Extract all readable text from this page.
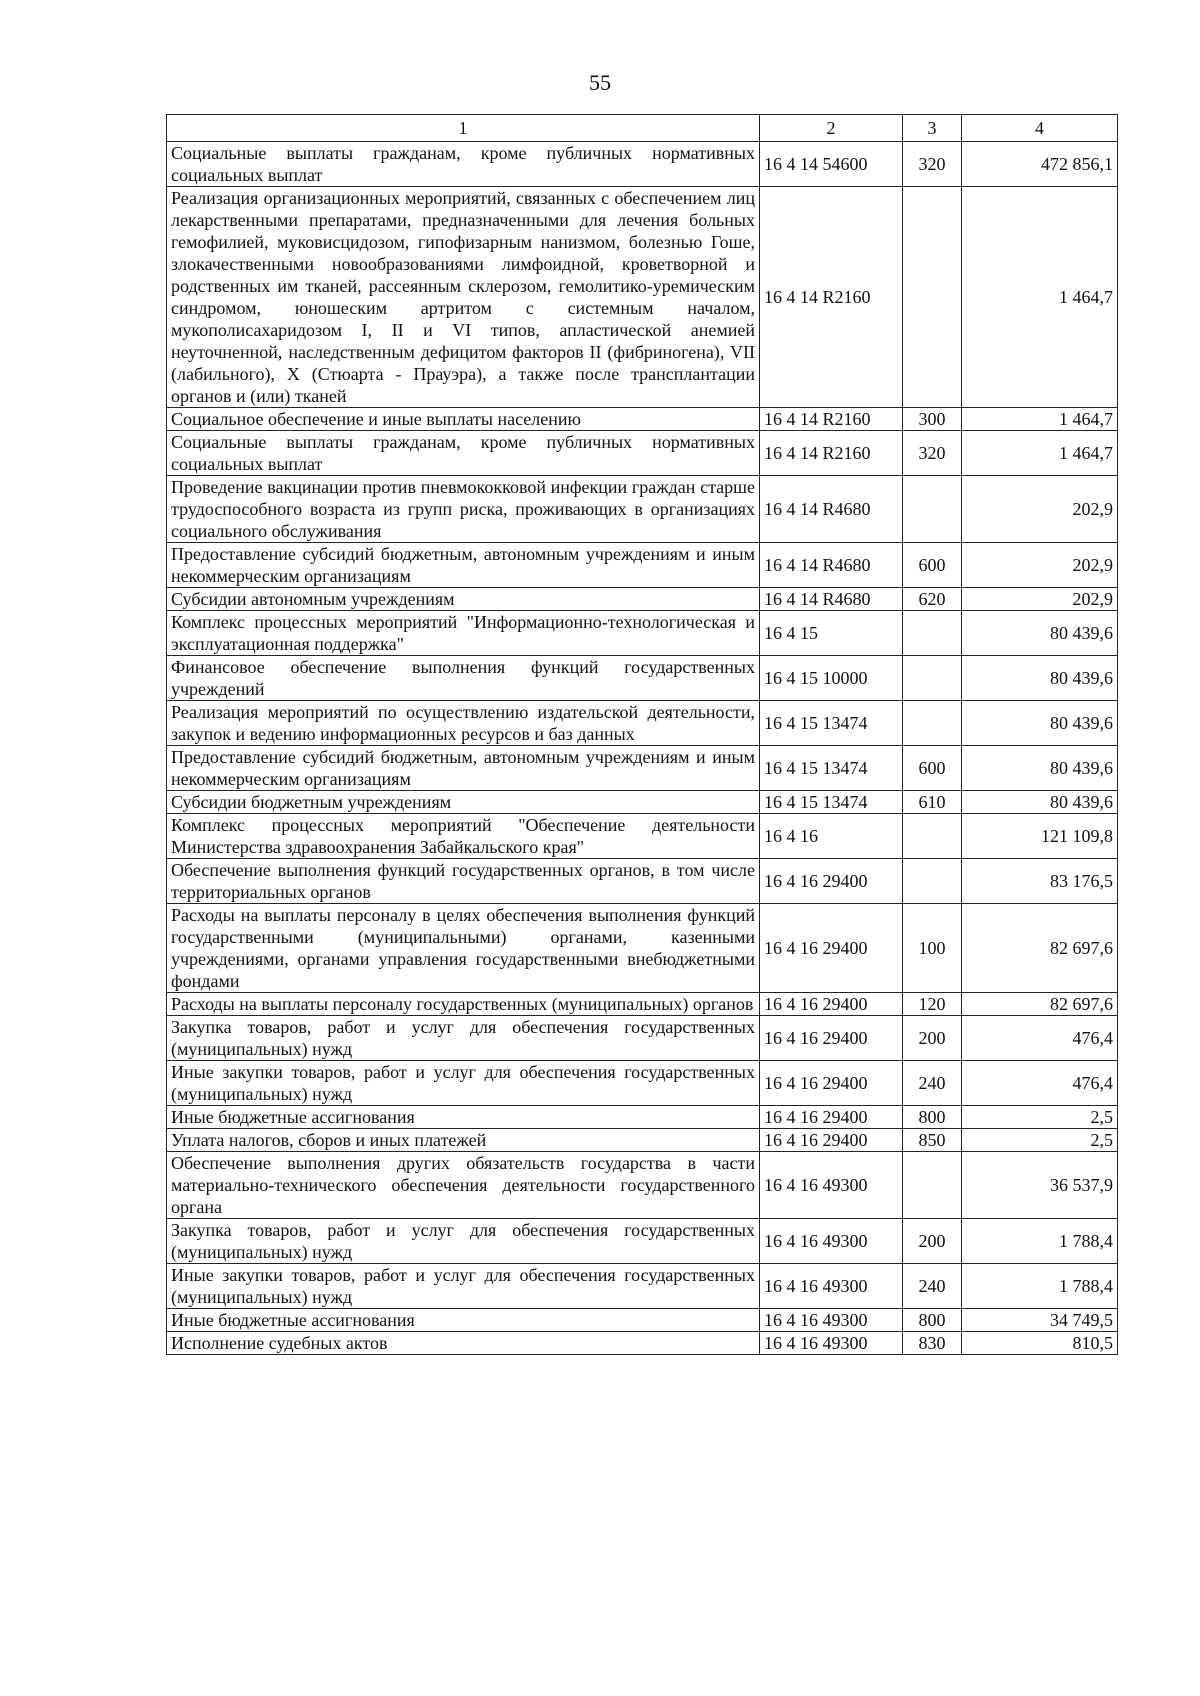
55
1	2	3	4
Социальные выплаты гражданам, кроме публичных нормативных социальных выплат	16 4 14 54600	320	472 856,1
Реализация организационных мероприятий, связанных с обеспечением лиц лекарственными препаратами, предназначенными для лечения больных гемофилией, муковисцидозом, гипофизарным нанизмом, болезнью Гоше, злокачественными новообразованиями лимфоидной, кроветворной и родственных им тканей, рассеянным склерозом, гемолитико-уремическим синдромом, юношеским артритом с системным началом, мукополисахаридозом I, II и VI типов, апластической анемией неуточненной, наследственным дефицитом факторов II (фибриногена), VII (лабильного), X (Стюарта - Прауэра), а также после трансплантации органов и (или) тканей	16 4 14 R2160		1 464,7
Социальное обеспечение и иные выплаты населению	16 4 14 R2160	300	1 464,7
Социальные выплаты гражданам, кроме публичных нормативных социальных выплат	16 4 14 R2160	320	1 464,7
Проведение вакцинации против пневмококковой инфекции граждан старше трудоспособного возраста из групп риска, проживающих в организациях социального обслуживания	16 4 14 R4680		202,9
Предоставление субсидий бюджетным, автономным учреждениям и иным некоммерческим организациям	16 4 14 R4680	600	202,9
Субсидии автономным учреждениям	16 4 14 R4680	620	202,9
Комплекс процессных мероприятий "Информационно-технологическая и эксплуатационная поддержка"	16 4 15		80 439,6
Финансовое обеспечение выполнения функций государственных учреждений	16 4 15 10000		80 439,6
Реализация мероприятий по осуществлению издательской деятельности, закупок и ведению информационных ресурсов и баз данных	16 4 15 13474		80 439,6
Предоставление субсидий бюджетным, автономным учреждениям и иным некоммерческим организациям	16 4 15 13474	600	80 439,6
Субсидии бюджетным учреждениям	16 4 15 13474	610	80 439,6
Комплекс процессных мероприятий "Обеспечение деятельности Министерства здравоохранения Забайкальского края"	16 4 16		121 109,8
Обеспечение выполнения функций государственных органов, в том числе территориальных органов	16 4 16 29400		83 176,5
Расходы на выплаты персоналу в целях обеспечения выполнения функций государственными (муниципальными) органами, казенными учреждениями, органами управления государственными внебюджетными фондами	16 4 16 29400	100	82 697,6
Расходы на выплаты персоналу государственных (муниципальных) органов	16 4 16 29400	120	82 697,6
Закупка товаров, работ и услуг для обеспечения государственных (муниципальных) нужд	16 4 16 29400	200	476,4
Иные закупки товаров, работ и услуг для обеспечения государственных (муниципальных) нужд	16 4 16 29400	240	476,4
Иные бюджетные ассигнования	16 4 16 29400	800	2,5
Уплата налогов, сборов и иных платежей	16 4 16 29400	850	2,5
Обеспечение выполнения других обязательств государства в части материально-технического обеспечения деятельности государственного органа	16 4 16 49300		36 537,9
Закупка товаров, работ и услуг для обеспечения государственных (муниципальных) нужд	16 4 16 49300	200	1 788,4
Иные закупки товаров, работ и услуг для обеспечения государственных (муниципальных) нужд	16 4 16 49300	240	1 788,4
Иные бюджетные ассигнования	16 4 16 49300	800	34 749,5
Исполнение судебных актов	16 4 16 49300	830	810,5
